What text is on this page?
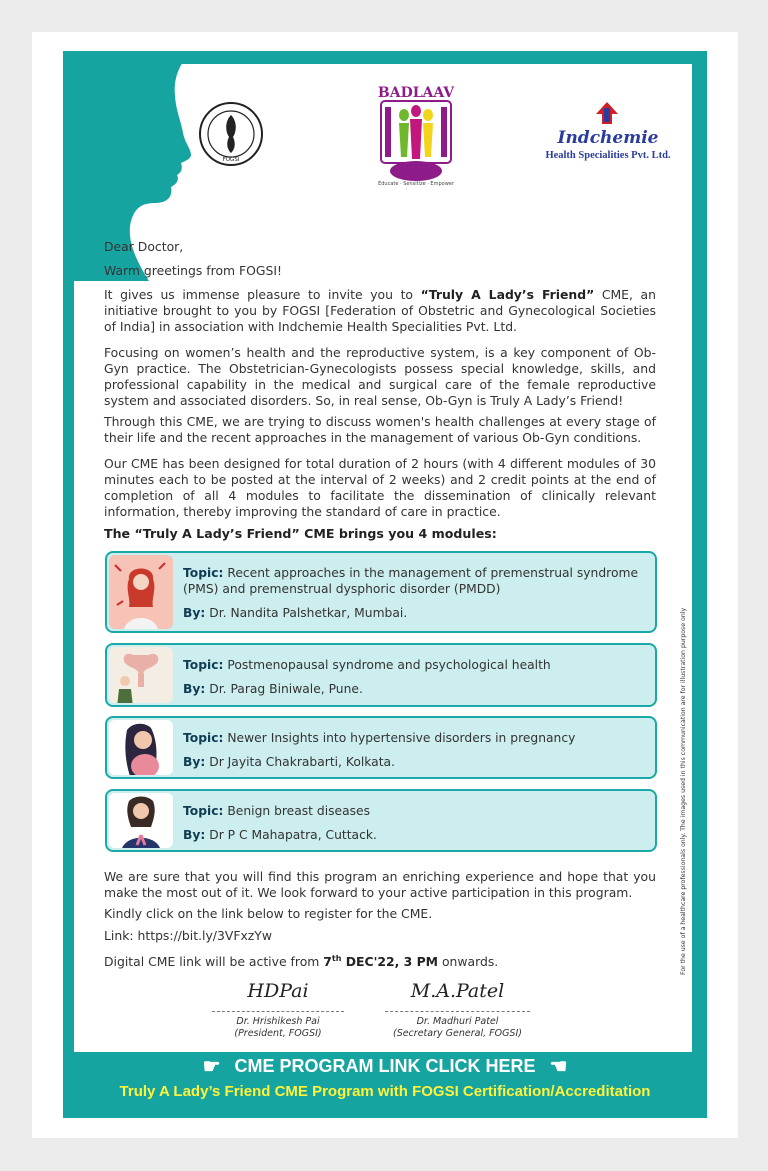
FOGSI
BADLAAV
Educate · Sensitize · Empower
Indchemie
Health Specialities Pvt. Ltd.
Dear Doctor,
Warm greetings from FOGSI!
It gives us immense pleasure to invite you to “Truly A Lady’s Friend” CME, an initiative brought to you by FOGSI [Federation of Obstetric and Gynecological Societies of India] in association with Indchemie Health Specialities Pvt. Ltd.
Focusing on women’s health and the reproductive system, is a key component of Ob-Gyn practice. The Obstetrician-Gynecologists possess special knowledge, skills, and professional capability in the medical and surgical care of the female reproductive system and associated disorders. So, in real sense, Ob-Gyn is Truly A Lady’s Friend!
Through this CME, we are trying to discuss women's health challenges at every stage of their life and the recent approaches in the management of various Ob-Gyn conditions.
Our CME has been designed for total duration of 2 hours (with 4 different modules of 30 minutes each to be posted at the interval of 2 weeks) and 2 credit points at the end of completion of all 4 modules to facilitate the dissemination of clinically relevant information, thereby improving the standard of care in practice.
The “Truly A Lady’s Friend” CME brings you 4 modules:
Topic: Recent approaches in the management of premenstrual syndrome (PMS) and premenstrual dysphoric disorder (PMDD)
By: Dr. Nandita Palshetkar, Mumbai.
Topic: Postmenopausal syndrome and psychological health
By: Dr. Parag Biniwale, Pune.
Topic: Newer Insights into hypertensive disorders in pregnancy
By: Dr Jayita Chakrabarti, Kolkata.
Topic: Benign breast diseases
By: Dr P C Mahapatra, Cuttack.
We are sure that you will find this program an enriching experience and hope that you make the most out of it. We look forward to your active participation in this program.
Kindly click on the link below to register for the CME.
Link: https://bit.ly/3VFxzYw
Digital CME link will be active from 7th DEC'22, 3 PM onwards.
HDPai
Dr. Hrishikesh Pai
(President, FOGSI)
M.A.Patel
Dr. Madhuri Patel
(Secretary General, FOGSI)
☛ CME PROGRAM LINK CLICK HERE ☚
Truly A Lady’s Friend CME Program with FOGSI Certification/Accreditation
For the use of a healthcare professionals only. The images used in this communication are for illustration purpose only
